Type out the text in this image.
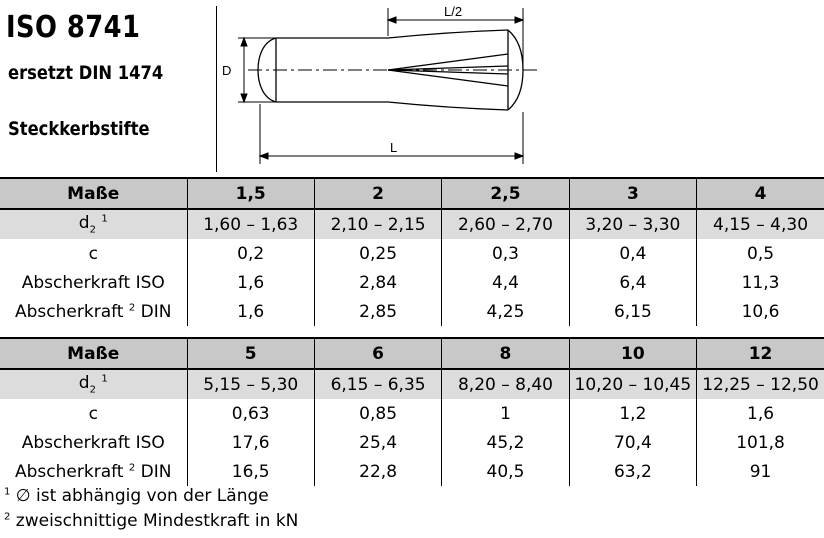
ISO 8741
ersetzt DIN 1474
Steckkerbstifte
L/2
D
L
Maße	1,5	2	2,5	3	4
$d_2$ $^1$	1,60 – 1,63	2,10 – 2,15	2,60 – 2,70	3,20 – 3,30	4,15 – 4,30
c	0,2	0,25	0,3	0,4	0,5
Abscherkraft ISO	1,6	2,84	4,4	6,4	11,3
Abscherkraft $^2$ DIN	1,6	2,85	4,25	6,15	10,6
Maße	5	6	8	10	12
$d_2$ $^1$	5,15 – 5,30	6,15 – 6,35	8,20 – 8,40	10,20 – 10,45	12,25 – 12,50
c	0,63	0,85	1	1,2	1,6
Abscherkraft ISO	17,6	25,4	45,2	70,4	101,8
Abscherkraft $^2$ DIN	16,5	22,8	40,5	63,2	91
$^1$ ∅ ist abhängig von der Länge
$^2$ zweischnittige Mindestkraft in kN
